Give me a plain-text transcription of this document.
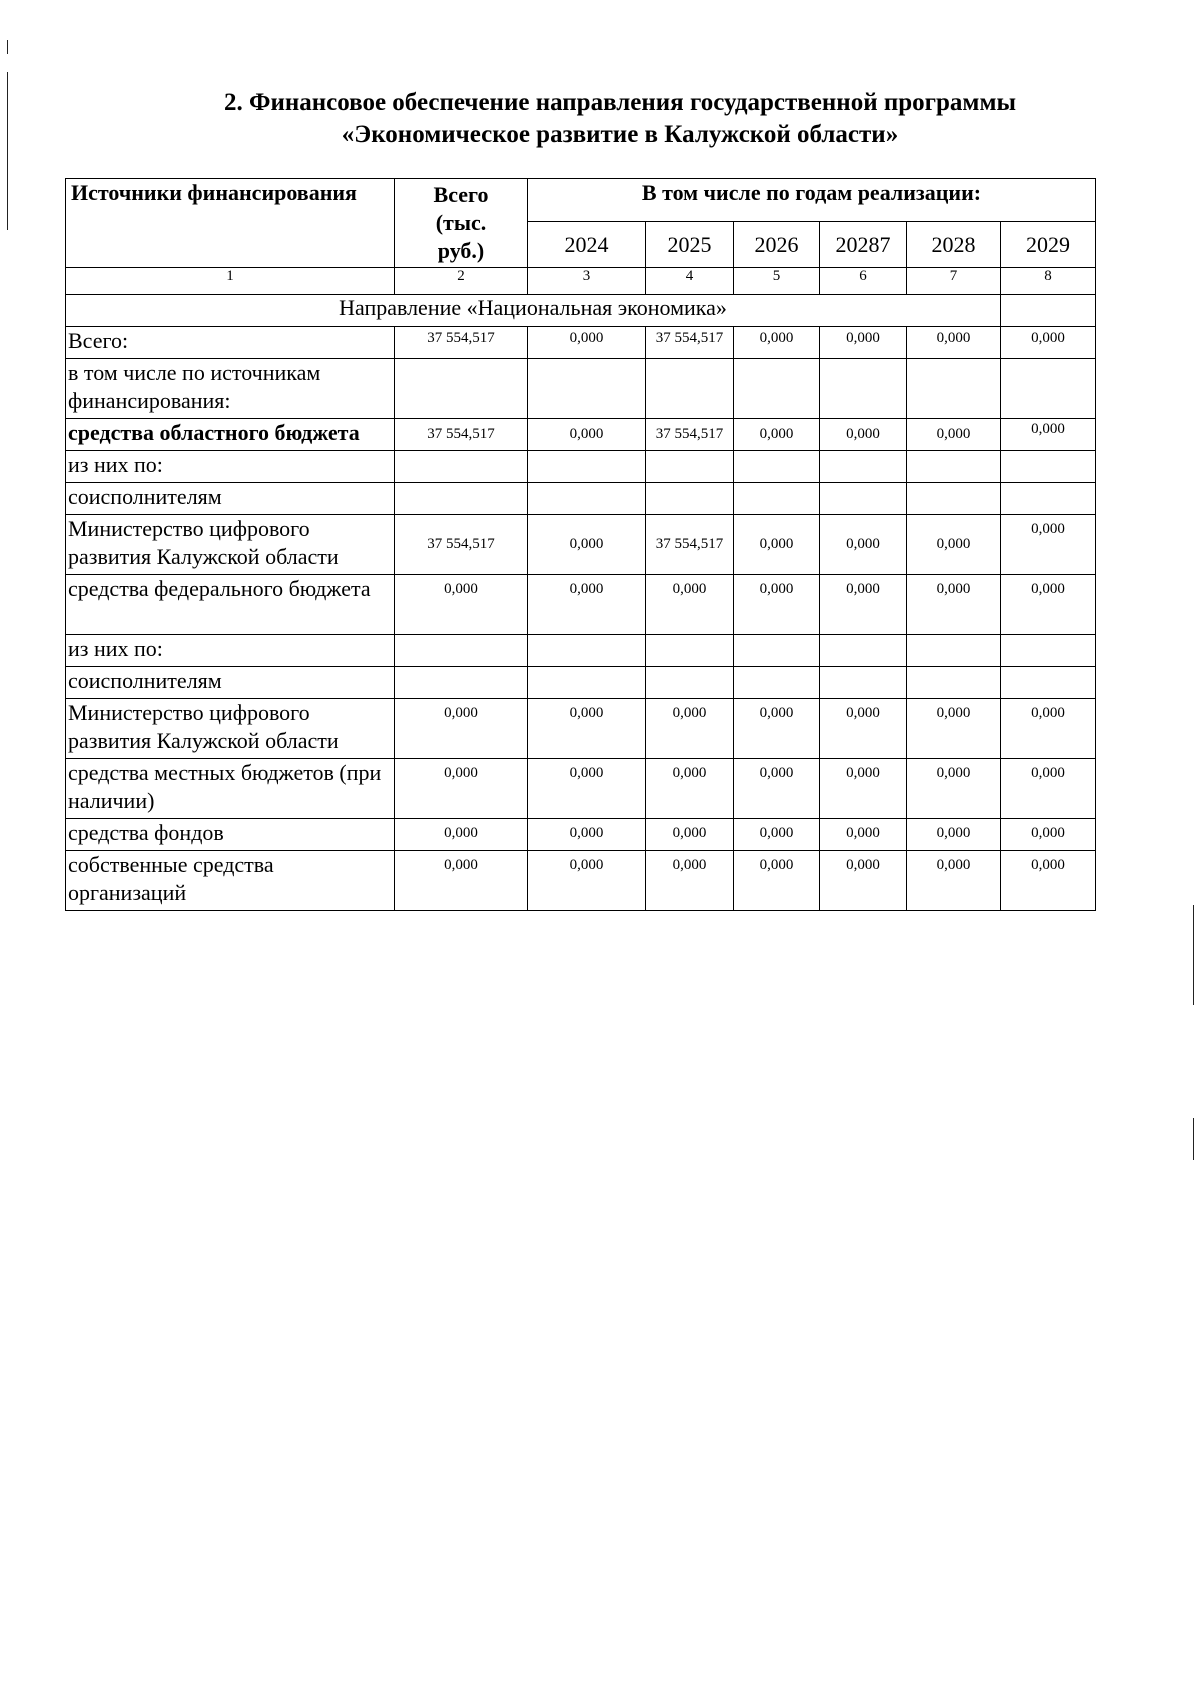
2. Финансовое обеспечение направления государственной программы
«Экономическое развитие в Калужской области»
Источники финансирования	Всего (тыс. руб.)	В том числе по годам реализации:					
		2024	2025	2026	20287	2028	2029
1	2	3	4	5	6	7	8
Направление «Национальная экономика»							
Всего:	37 554,517	0,000	37 554,517	0,000	0,000	0,000	0,000
в том числе по источникам финансирования:							
средства областного бюджета	37 554,517	0,000	37 554,517	0,000	0,000	0,000	0,000
из них по:							
соисполнителям							
Министерство цифрового развития Калужской области	37 554,517	0,000	37 554,517	0,000	0,000	0,000	0,000
средства федерального бюджета	0,000	0,000	0,000	0,000	0,000	0,000	0,000
из них по:							
соисполнителям							
Министерство цифрового развития Калужской области	0,000	0,000	0,000	0,000	0,000	0,000	0,000
средства местных бюджетов (при наличии)	0,000	0,000	0,000	0,000	0,000	0,000	0,000
средства фондов	0,000	0,000	0,000	0,000	0,000	0,000	0,000
собственные средства организаций	0,000	0,000	0,000	0,000	0,000	0,000	0,000
